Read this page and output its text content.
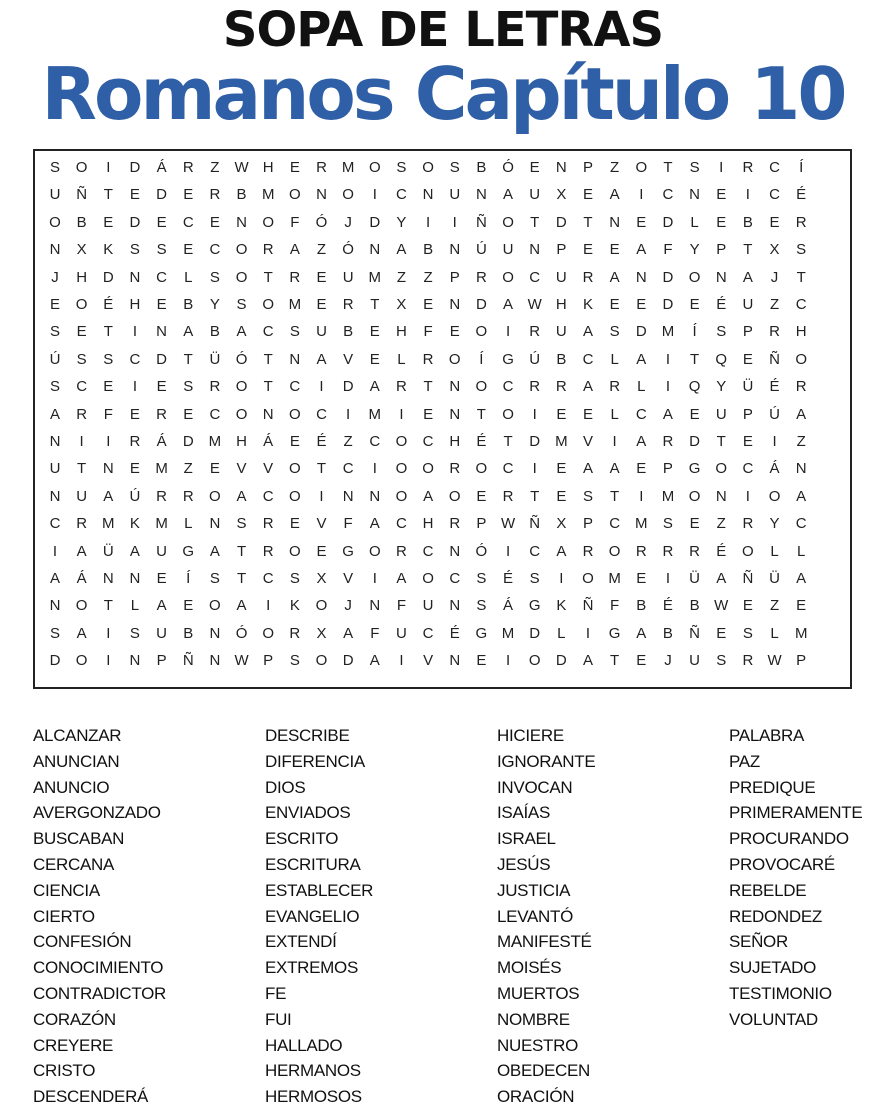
SOPA DE LETRAS
Romanos Capítulo 10
S	O	I	D	Á	R	Z W H	E	R M O	S	O	S	B	Ó	E	N	P	Z	O	T	S	I	R	C	Í
U	Ñ	T	E	D	E	R	B	M O	N	O	I	C	N	U	N	A	U	X	E	A	I	C	N	E	I	C	É
O	B	E	D	E	C	E	N	O	F	Ó	J	D	Y	I	I	Ñ	O	T	D	T	N	E	D	L	E	B	E	R
N	X	K	S	S	E	C	O	R	A	Z	Ó	N	A	B	N	Ú	U	N	P	E	E	A	F	Y	P	T	X	S
J	H	D	N	C	L	S	O	T	R	E	U M	Z	Z	P	R	O	C	U	R	A	N	D	O	N	A	J	T
E	O	É	H	E	B	Y	S	O M	E	R	T	X	E	N	D	A W H	K	E	E	D	E	É	U	Z	C
S	E	T	I	N	A	B	A	C	S	U	B	E	H	F	E	O	I	R	U	A	S	D M	Í	S	P	R	H
Ú	S	S	C	D	T	Ü	Ó	T	N	A	V	E	L	R	O	Í	G	Ú	B	C	L	A	I	T	Q	E	Ñ	O
S	C	E	I	E	S	R	O	T	C	I	D	A	R	T	N	O	C	R	R	A	R	L	I	Q	Y	Ü	É	R
A	R	F	E	R	E	C	O	N	O	C	I	M	I	E	N	T	O	I	E	E	L	C	A	E	U	P	Ú	A
N	I	I	R	Á	D M H	Á	E	É	Z	C	O	C	H	É	T	D M	V	I	A	R	D	T	E	I	Z
U	T	N	E	M	Z	E	V	V	O	T	C	I	O O	R	O	C	I	E	A	A	E	P	G O	C	Á	N
N	U	A	Ú	R	R	O	A	C	O	I	N	N	O	A	O	E	R	T	E	S	T	I	M O	N	I	O	A
C	R M	K	M	L	N	S	R	E	V	F	A	C	H	R	P W Ñ	X	P	C M	S	E	Z	R	Y	C
I	A	Ü	A	U	G	A	T	R	O	E	G O	R	C	N	Ó	I	C	A	R	O	R	R	R	É	O	L	L
A	Á	N	N	E	Í	S	T	C	S	X	V	I	A	O	C	S	É	S	I	O M	E	I	Ü	A	Ñ	Ü	A
N	O	T	L	A	E	O	A	I	K	O	J	N	F	U	N	S	Á	G	K	Ñ	F	B	É	B W E	Z	E
S	A	I	S	U	B	N	Ó O	R	X	A	F	U	C	É	G M D	L	I	G	A	B	Ñ	E	S	L	M
D	O	I	N	P	Ñ	N W P	S	O	D	A	I	V	N	E	I	O	D	A	T	E	J	U	S	R W P
ALCANZAR
ANUNCIAN
ANUNCIO
AVERGONZADO
BUSCABAN
CERCANA
CIENCIA
CIERTO
CONFESIÓN
CONOCIMIENTO
CONTRADICTOR
CORAZÓN
CREYERE
CRISTO
DESCENDERÁ
DESCRIBE
DIFERENCIA
DIOS
ENVIADOS
ESCRITO
ESCRITURA
ESTABLECER
EVANGELIO
EXTENDÍ
EXTREMOS
FE
FUI
HALLADO
HERMANOS
HERMOSOS
HICIERE
IGNORANTE
INVOCAN
ISAÍAS
ISRAEL
JESÚS
JUSTICIA
LEVANTÓ
MANIFESTÉ
MOISÉS
MUERTOS
NOMBRE
NUESTRO
OBEDECEN
ORACIÓN
PALABRA
PAZ
PREDIQUE
PRIMERAMENTE
PROCURANDO
PROVOCARÉ
REBELDE
REDONDEZ
SEÑOR
SUJETADO
TESTIMONIO
VOLUNTAD
